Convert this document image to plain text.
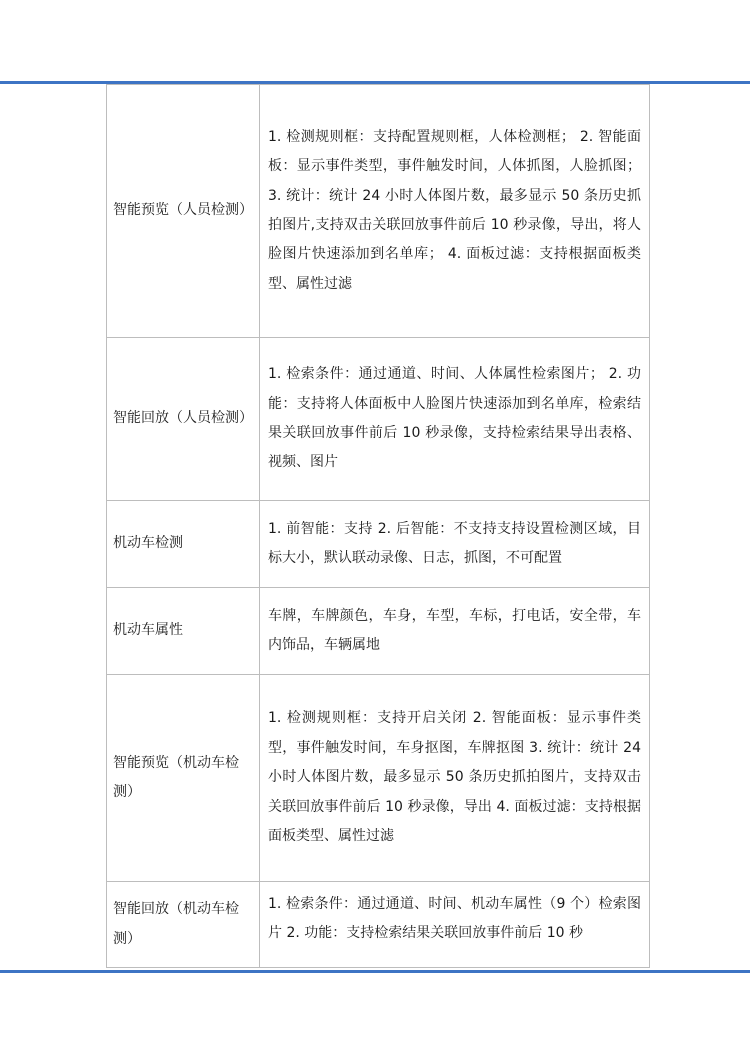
智能预览（人员检测）	1. 检测规则框：支持配置规则框，人体检测框； 2. 智能面板：显示事件类型，事件触发时间，人体抓图，人脸抓图； 3. 统计：统计 24 小时人体图片数，最多显示 50 条历史抓拍图片,支持双击关联回放事件前后 10 秒录像，导出，将人脸图片快速添加到名单库； 4. 面板过滤：支持根据面板类型、属性过滤
智能回放（人员检测）	1. 检索条件：通过通道、时间、人体属性检索图片； 2. 功能：支持将人体面板中人脸图片快速添加到名单库，检索结果关联回放事件前后 10 秒录像，支持检索结果导出表格、视频、图片
机动车检测	1. 前智能：支持 2. 后智能：不支持支持设置检测区域，目标大小，默认联动录像、日志，抓图，不可配置
机动车属性	车牌，车牌颜色，车身，车型，车标，打电话，安全带，车内饰品，车辆属地
智能预览（机动车检测）	1. 检测规则框：支持开启关闭 2. 智能面板：显示事件类型，事件触发时间，车身抠图，车牌抠图 3. 统计：统计 24 小时人体图片数，最多显示 50 条历史抓拍图片，支持双击关联回放事件前后 10 秒录像，导出 4. 面板过滤：支持根据面板类型、属性过滤
智能回放（机动车检测）	1. 检索条件：通过通道、时间、机动车属性（9 个）检索图片 2. 功能：支持检索结果关联回放事件前后 10 秒
